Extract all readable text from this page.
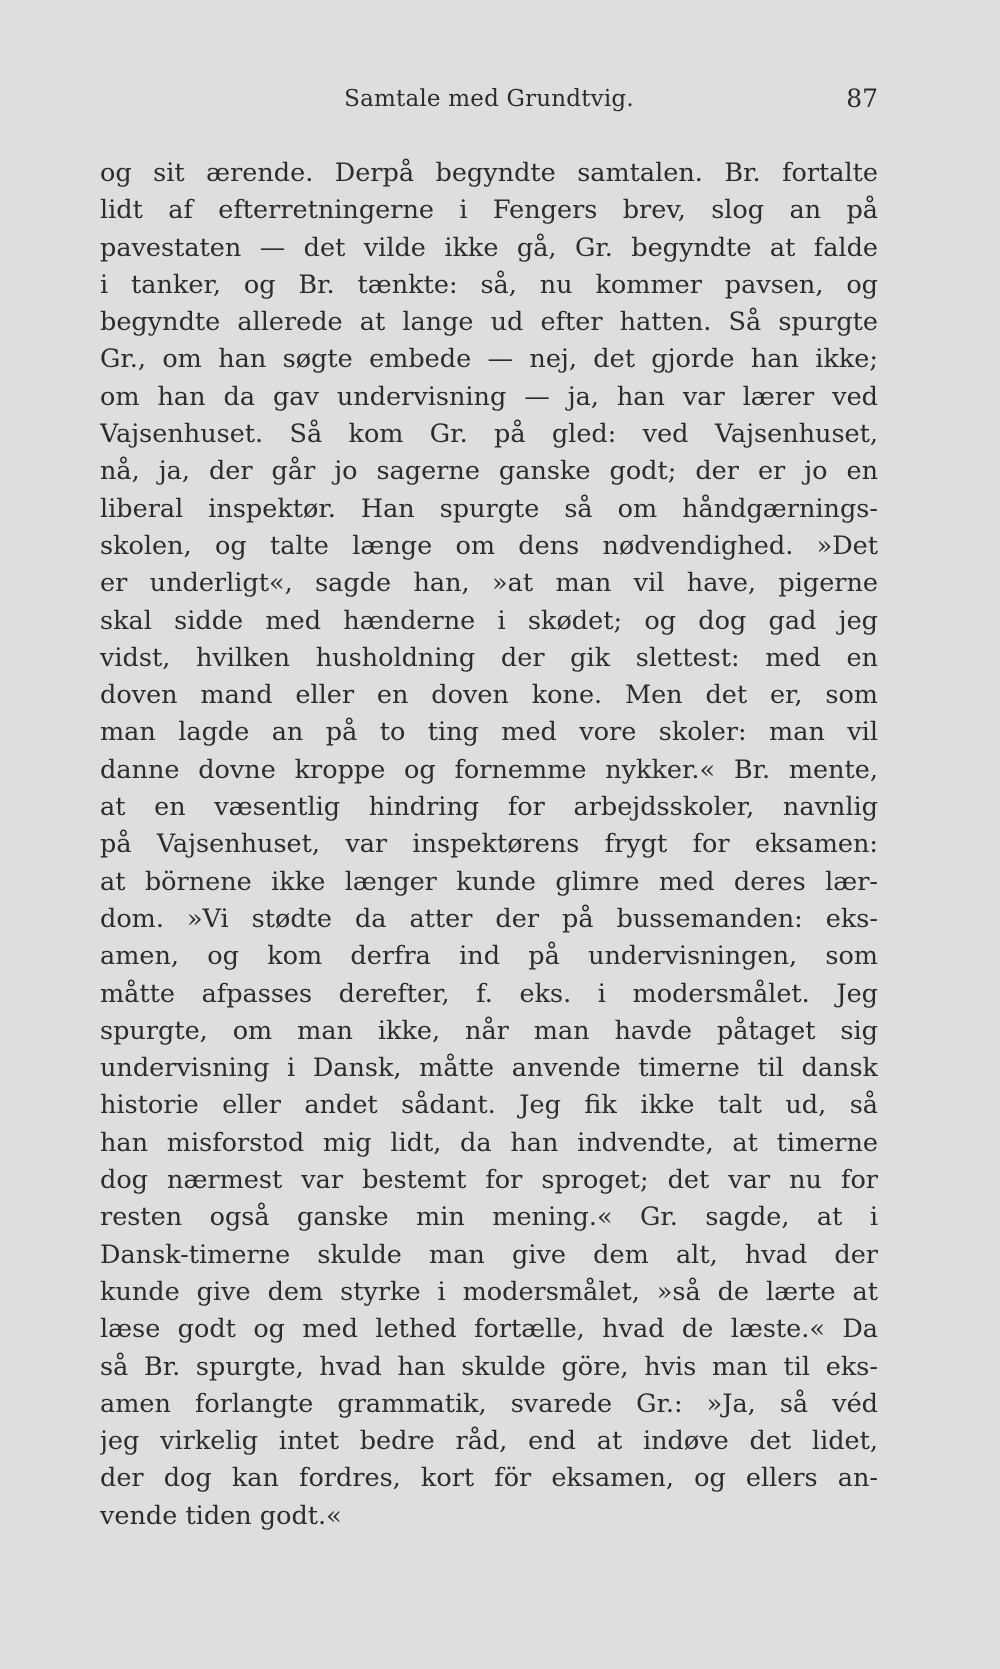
Samtale med Grundtvig.	87
og sit ærende. Derpå begyndte samtalen. Br. fortalte
lidt af efterretningerne i Fengers brev, slog an på
pavestaten — det vilde ikke gå, Gr. begyndte at falde
i tanker, og Br. tænkte: så, nu kommer pavsen, og
begyndte allerede at lange ud efter hatten. Så spurgte
Gr., om han søgte embede — nej, det gjorde han ikke;
om han da gav undervisning — ja, han var lærer ved
Vajsenhuset. Så kom Gr. på gled: ved Vajsenhuset,
nå, ja, der går jo sagerne ganske godt; der er jo en
liberal inspektør. Han spurgte så om håndgærnings-
skolen, og talte længe om dens nødvendighed. »Det
er underligt«, sagde han, »at man vil have, pigerne
skal sidde med hænderne i skødet; og dog gad jeg
vidst, hvilken husholdning der gik slettest: med en
doven mand eller en doven kone. Men det er, som
man lagde an på to ting med vore skoler: man vil
danne dovne kroppe og fornemme nykker.« Br. mente,
at en væsentlig hindring for arbejdsskoler, navnlig
på Vajsenhuset, var inspektørens frygt for eksamen:
at börnene ikke længer kunde glimre med deres lær-
dom. »Vi stødte da atter der på bussemanden: eks-
amen, og kom derfra ind på undervisningen, som
måtte afpasses derefter, f. eks. i modersmålet. Jeg
spurgte, om man ikke, når man havde påtaget sig
undervisning i Dansk, måtte anvende timerne til dansk
historie eller andet sådant. Jeg fik ikke talt ud, så
han misforstod mig lidt, da han indvendte, at timerne
dog nærmest var bestemt for sproget; det var nu for
resten også ganske min mening.« Gr. sagde, at i
Dansk-timerne skulde man give dem alt, hvad der
kunde give dem styrke i modersmålet, »så de lærte at
læse godt og med lethed fortælle, hvad de læste.« Da
så Br. spurgte, hvad han skulde göre, hvis man til eks-
amen forlangte grammatik, svarede Gr.: »Ja, så véd
jeg virkelig intet bedre råd, end at indøve det lidet,
der dog kan fordres, kort för eksamen, og ellers an-
vende tiden godt.«
